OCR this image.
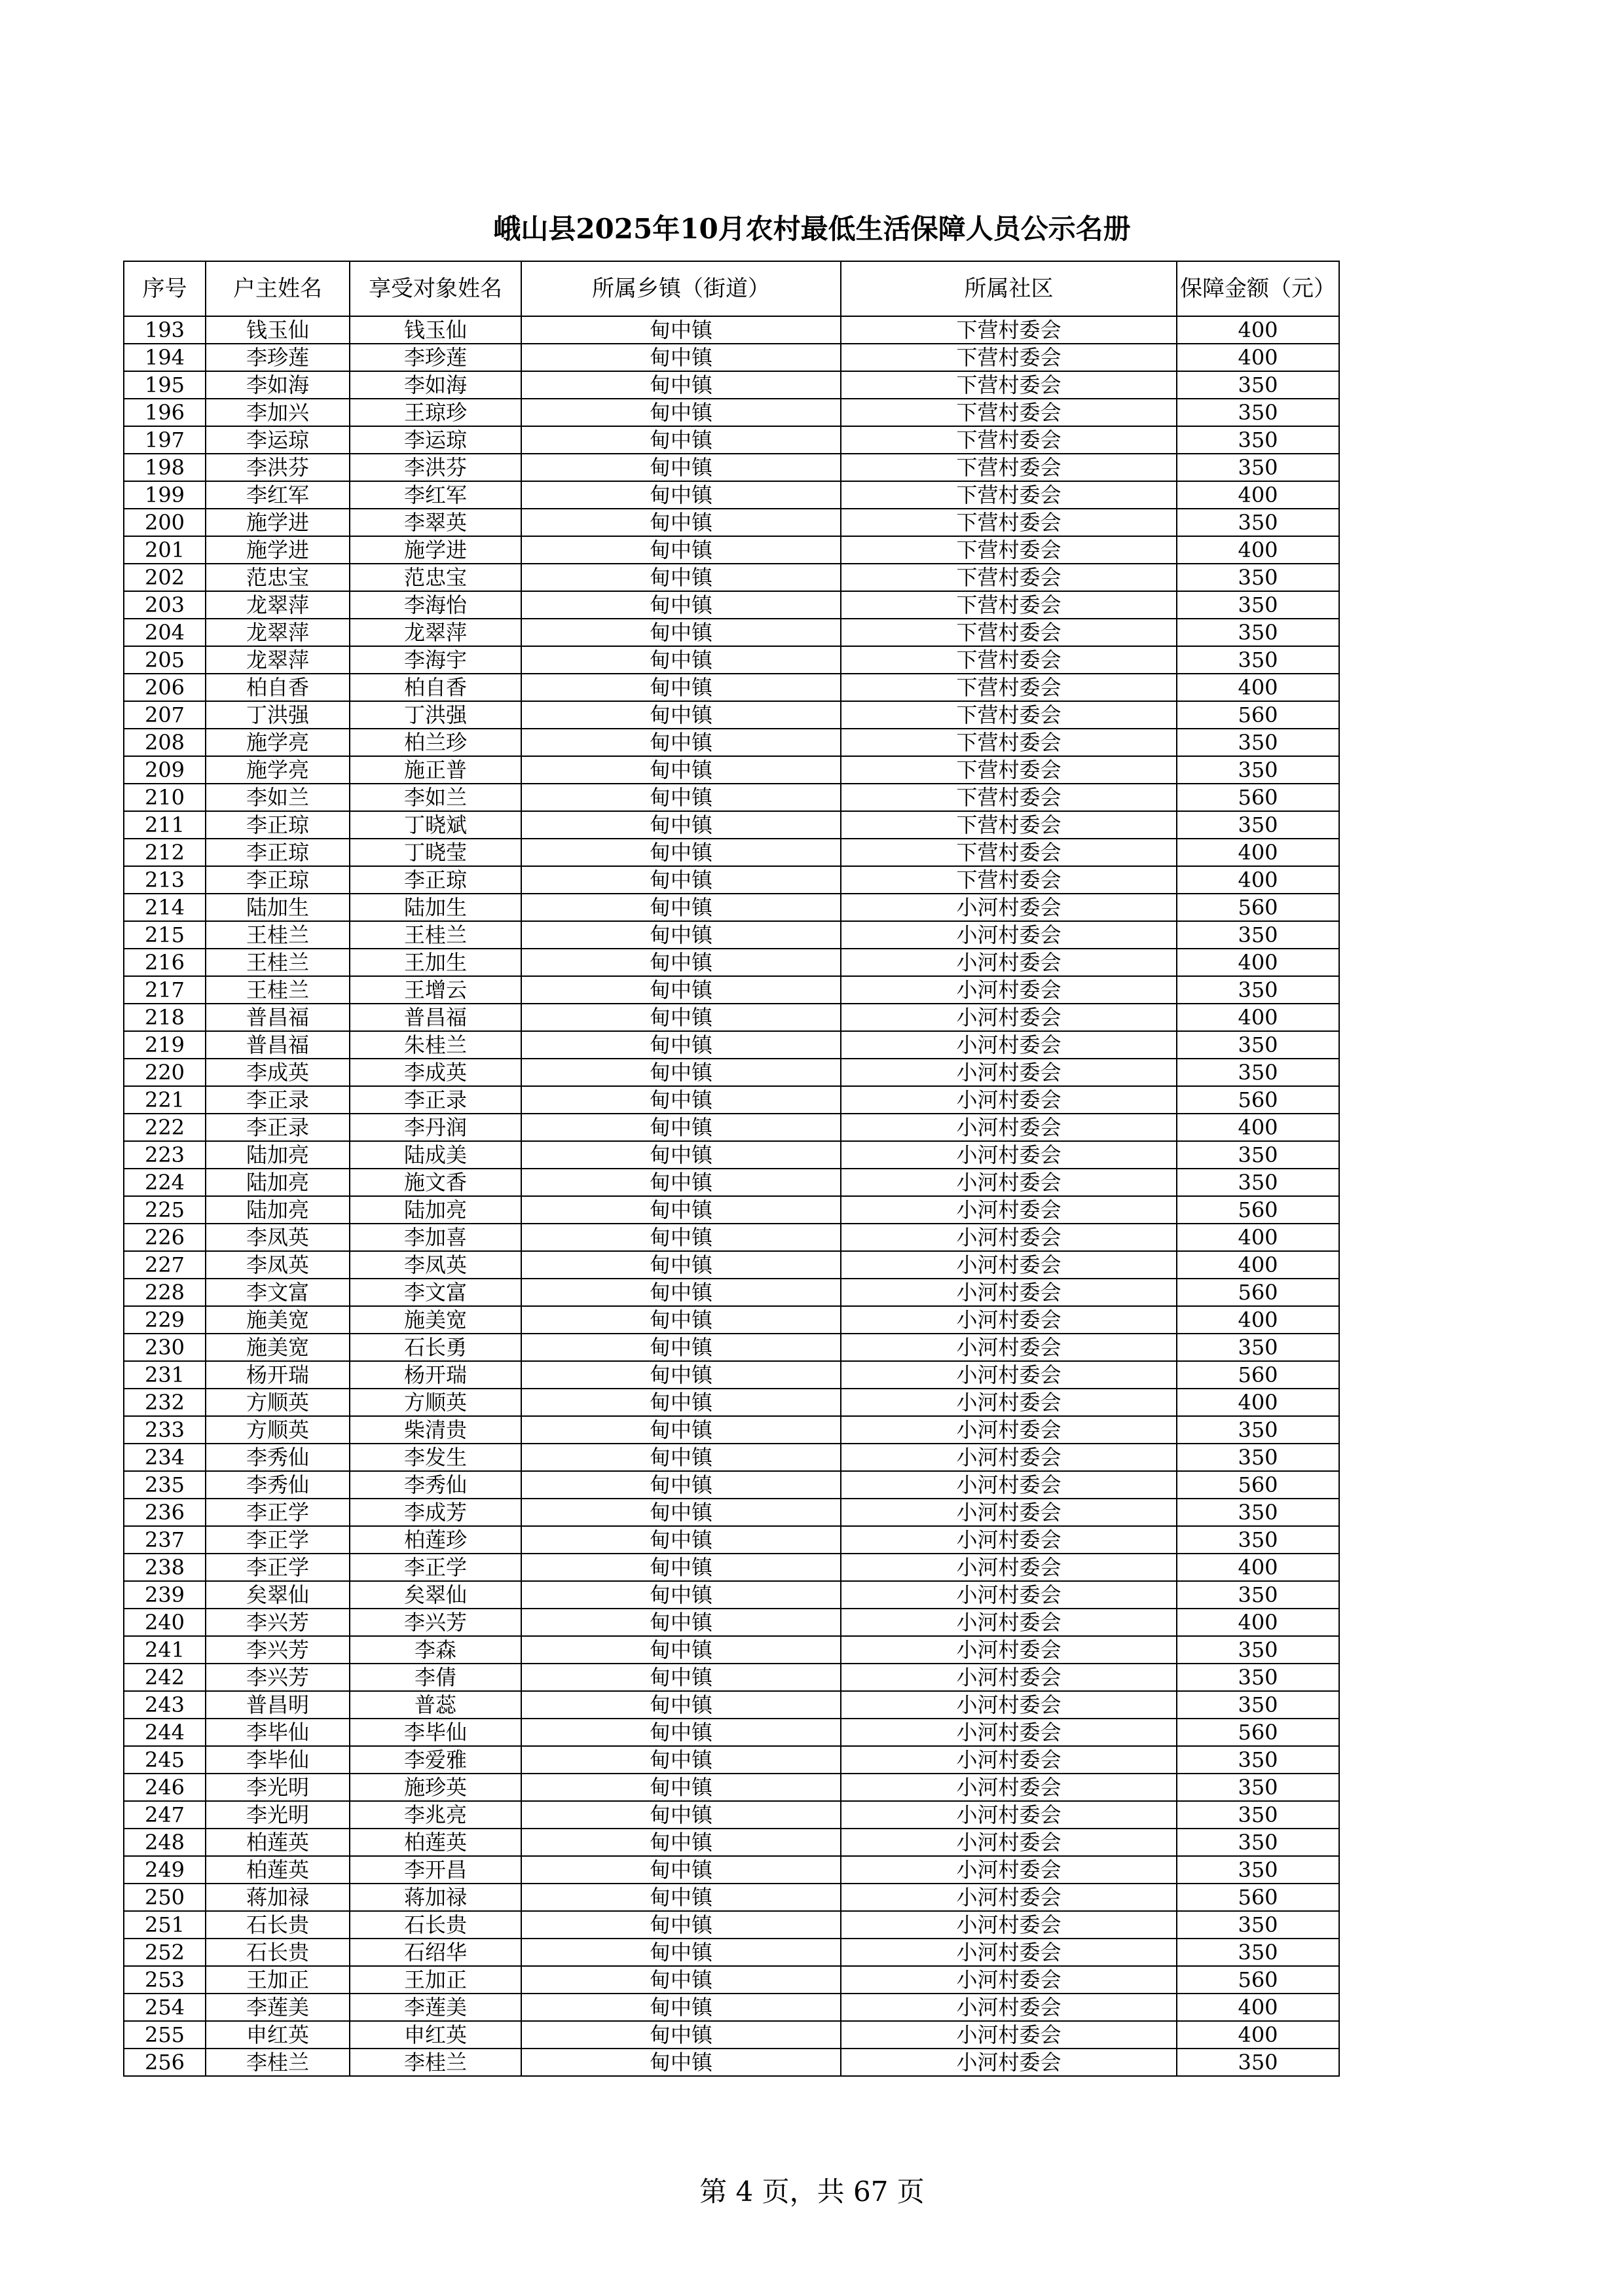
峨山县2025年10月农村最低生活保障人员公示名册
序号	户主姓名	享受对象姓名	所属乡镇（街道）	所属社区	保障金额（元）
193	钱玉仙	钱玉仙	甸中镇	下营村委会	400
194	李珍莲	李珍莲	甸中镇	下营村委会	400
195	李如海	李如海	甸中镇	下营村委会	350
196	李加兴	王琼珍	甸中镇	下营村委会	350
197	李运琼	李运琼	甸中镇	下营村委会	350
198	李洪芬	李洪芬	甸中镇	下营村委会	350
199	李红军	李红军	甸中镇	下营村委会	400
200	施学进	李翠英	甸中镇	下营村委会	350
201	施学进	施学进	甸中镇	下营村委会	400
202	范忠宝	范忠宝	甸中镇	下营村委会	350
203	龙翠萍	李海怡	甸中镇	下营村委会	350
204	龙翠萍	龙翠萍	甸中镇	下营村委会	350
205	龙翠萍	李海宇	甸中镇	下营村委会	350
206	柏自香	柏自香	甸中镇	下营村委会	400
207	丁洪强	丁洪强	甸中镇	下营村委会	560
208	施学亮	柏兰珍	甸中镇	下营村委会	350
209	施学亮	施正普	甸中镇	下营村委会	350
210	李如兰	李如兰	甸中镇	下营村委会	560
211	李正琼	丁晓斌	甸中镇	下营村委会	350
212	李正琼	丁晓莹	甸中镇	下营村委会	400
213	李正琼	李正琼	甸中镇	下营村委会	400
214	陆加生	陆加生	甸中镇	小河村委会	560
215	王桂兰	王桂兰	甸中镇	小河村委会	350
216	王桂兰	王加生	甸中镇	小河村委会	400
217	王桂兰	王增云	甸中镇	小河村委会	350
218	普昌福	普昌福	甸中镇	小河村委会	400
219	普昌福	朱桂兰	甸中镇	小河村委会	350
220	李成英	李成英	甸中镇	小河村委会	350
221	李正录	李正录	甸中镇	小河村委会	560
222	李正录	李丹润	甸中镇	小河村委会	400
223	陆加亮	陆成美	甸中镇	小河村委会	350
224	陆加亮	施文香	甸中镇	小河村委会	350
225	陆加亮	陆加亮	甸中镇	小河村委会	560
226	李凤英	李加喜	甸中镇	小河村委会	400
227	李凤英	李凤英	甸中镇	小河村委会	400
228	李文富	李文富	甸中镇	小河村委会	560
229	施美宽	施美宽	甸中镇	小河村委会	400
230	施美宽	石长勇	甸中镇	小河村委会	350
231	杨开瑞	杨开瑞	甸中镇	小河村委会	560
232	方顺英	方顺英	甸中镇	小河村委会	400
233	方顺英	柴清贵	甸中镇	小河村委会	350
234	李秀仙	李发生	甸中镇	小河村委会	350
235	李秀仙	李秀仙	甸中镇	小河村委会	560
236	李正学	李成芳	甸中镇	小河村委会	350
237	李正学	柏莲珍	甸中镇	小河村委会	350
238	李正学	李正学	甸中镇	小河村委会	400
239	矣翠仙	矣翠仙	甸中镇	小河村委会	350
240	李兴芳	李兴芳	甸中镇	小河村委会	400
241	李兴芳	李森	甸中镇	小河村委会	350
242	李兴芳	李倩	甸中镇	小河村委会	350
243	普昌明	普蕊	甸中镇	小河村委会	350
244	李毕仙	李毕仙	甸中镇	小河村委会	560
245	李毕仙	李爱雅	甸中镇	小河村委会	350
246	李光明	施珍英	甸中镇	小河村委会	350
247	李光明	李兆亮	甸中镇	小河村委会	350
248	柏莲英	柏莲英	甸中镇	小河村委会	350
249	柏莲英	李开昌	甸中镇	小河村委会	350
250	蒋加禄	蒋加禄	甸中镇	小河村委会	560
251	石长贵	石长贵	甸中镇	小河村委会	350
252	石长贵	石绍华	甸中镇	小河村委会	350
253	王加正	王加正	甸中镇	小河村委会	560
254	李莲美	李莲美	甸中镇	小河村委会	400
255	申红英	申红英	甸中镇	小河村委会	400
256	李桂兰	李桂兰	甸中镇	小河村委会	350
第 4 页，共 67 页
